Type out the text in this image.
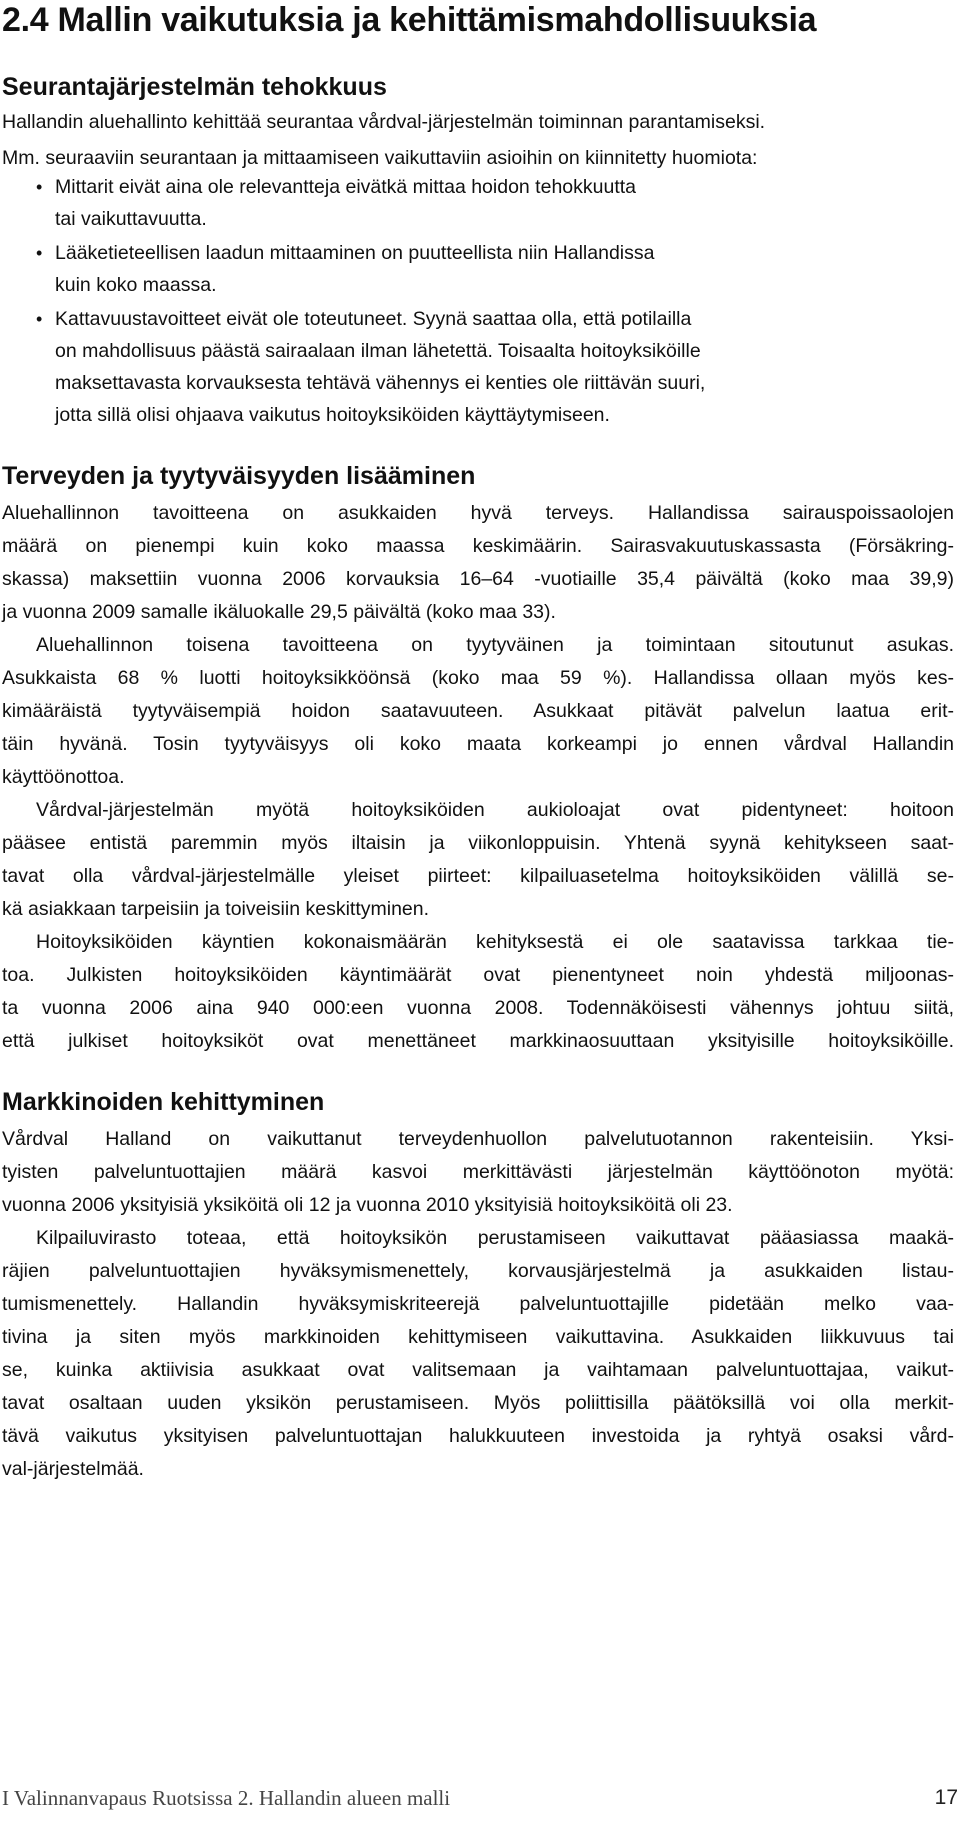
2.4 Mallin vaikutuksia ja kehittämismahdollisuuksia
Seurantajärjestelmän tehokkuus

Hallandin aluehallinto kehittää seurantaa vårdval-järjestelmän toiminnan parantamiseksi.

Mm. seuraaviin seurantaan ja mittaamiseen vaikuttaviin asioihin on kiinnitetty huomiota:

• Mittarit eivät aina ole relevantteja eivätkä mittaa hoidon tehokkuutta

tai vaikuttavuutta.

• Lääketieteellisen laadun mittaaminen on puutteellista niin Hallandissa

kuin koko maassa.

• Kattavuustavoitteet eivät ole toteutuneet. Syynä saattaa olla, että potilailla

on mahdollisuus päästä sairaalaan ilman lähetettä. Toisaalta hoitoyksiköille

maksettavasta korvauksesta tehtävä vähennys ei kenties ole riittävän suuri,

jotta sillä olisi ohjaava vaikutus hoitoyksiköiden käyttäytymiseen.

Terveyden ja tyytyväisyyden lisääminen

Aluehallinnon tavoitteena on asukkaiden hyvä terveys. Hallandissa sairauspoissaolojen

määrä on pienempi kuin koko maassa keskimäärin. Sairasvakuutuskassasta (Försäkring-

skassa) maksettiin vuonna 2006 korvauksia 16–64 -vuotiaille 35,4 päivältä (koko maa 39,9)

ja vuonna 2009 samalle ikäluokalle 29,5 päivältä (koko maa 33).

Aluehallinnon toisena tavoitteena on tyytyväinen ja toimintaan sitoutunut asukas.

Asukkaista 68 % luotti hoitoyksikköönsä (koko maa 59 %). Hallandissa ollaan myös kes-

kimääräistä tyytyväisempiä hoidon saatavuuteen. Asukkaat pitävät palvelun laatua erit-

täin hyvänä. Tosin tyytyväisyys oli koko maata korkeampi jo ennen vårdval Hallandin

käyttöönottoa.

Vårdval-järjestelmän myötä hoitoyksiköiden aukioloajat ovat pidentyneet: hoitoon

pääsee entistä paremmin myös iltaisin ja viikonloppuisin. Yhtenä syynä kehitykseen saat-

tavat olla vårdval-järjestelmälle yleiset piirteet: kilpailuasetelma hoitoyksiköiden välillä se-

kä asiakkaan tarpeisiin ja toiveisiin keskittyminen.

Hoitoyksiköiden käyntien kokonaismäärän kehityksestä ei ole saatavissa tarkkaa tie-

toa. Julkisten hoitoyksiköiden käyntimäärät ovat pienentyneet noin yhdestä miljoonas-

ta vuonna 2006 aina 940 000:een vuonna 2008. Todennäköisesti vähennys johtuu siitä,

että julkiset hoitoyksiköt ovat menettäneet markkinaosuuttaan yksityisille hoitoyksiköille.

Markkinoiden kehittyminen

Vårdval Halland on vaikuttanut terveydenhuollon palvelutuotannon rakenteisiin. Yksi-

tyisten palveluntuottajien määrä kasvoi merkittävästi järjestelmän käyttöönoton myötä:

vuonna 2006 yksityisiä yksiköitä oli 12 ja vuonna 2010 yksityisiä hoitoyksiköitä oli 23.

Kilpailuvirasto toteaa, että hoitoyksikön perustamiseen vaikuttavat pääasiassa maakä-

räjien palveluntuottajien hyväksymismenettely, korvausjärjestelmä ja asukkaiden listau-

tumismenettely. Hallandin hyväksymiskriteerejä palveluntuottajille pidetään melko vaa-

tivina ja siten myös markkinoiden kehittymiseen vaikuttavina. Asukkaiden liikkuvuus tai

se, kuinka aktiivisia asukkaat ovat valitsemaan ja vaihtamaan palveluntuottajaa, vaikut-

tavat osaltaan uuden yksikön perustamiseen. Myös poliittisilla päätöksillä voi olla merkit-

tävä vaikutus yksityisen palveluntuottajan halukkuuteen investoida ja ryhtyä osaksi vård-

val-järjestelmää.

I Valinnanvapaus Ruotsissa 2. Hallandin alueen malli	17
